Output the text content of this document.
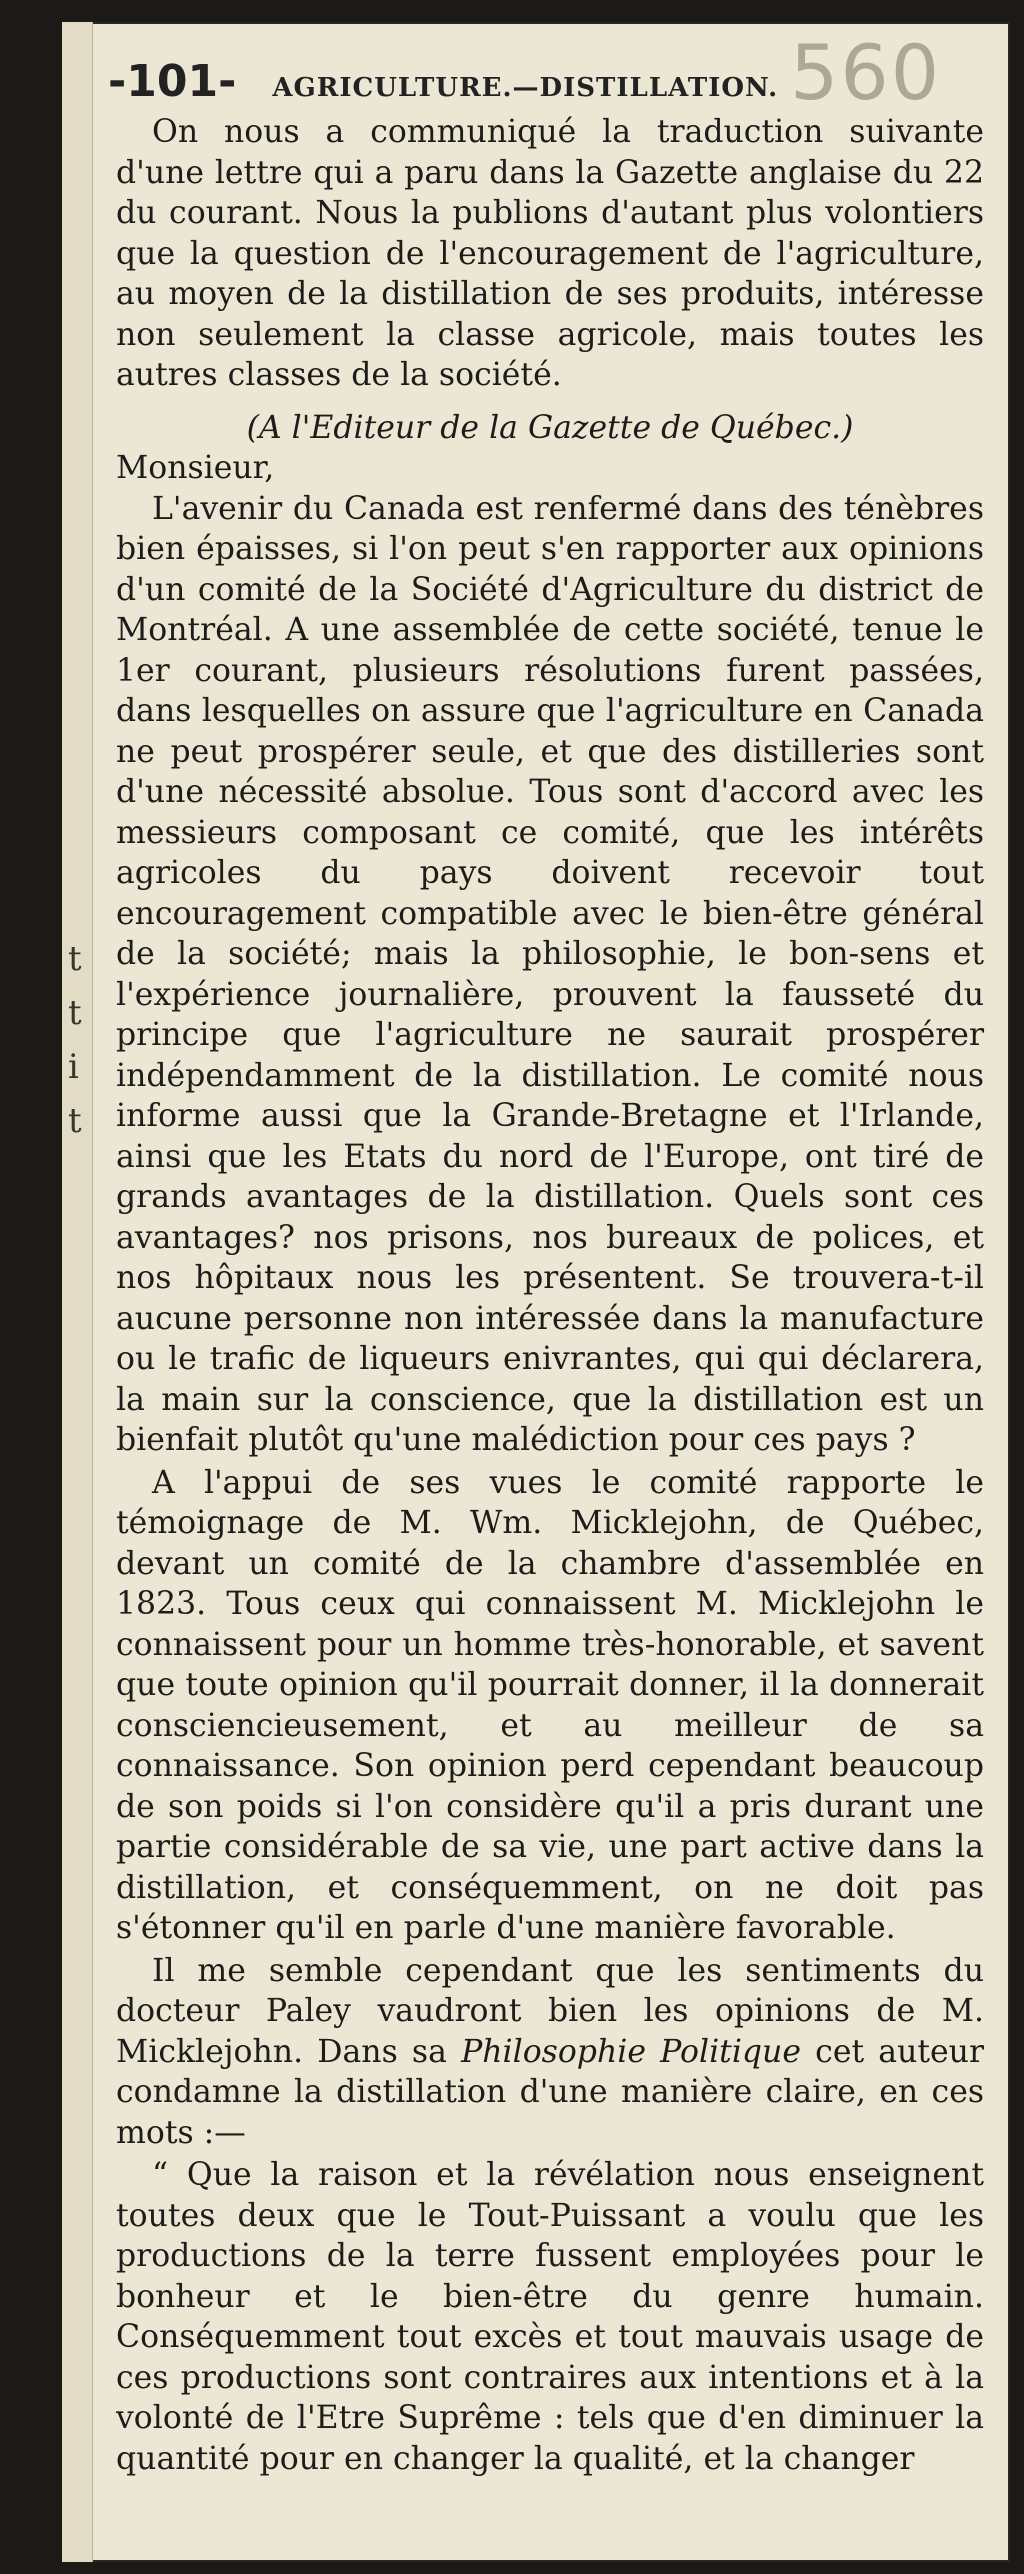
t
t
i
t
560
-101- AGRICULTURE.—DISTILLATION.

On nous a communiqué la traduction suivante d'une lettre qui a paru dans la Gazette anglaise du 22 du courant. Nous la publions d'autant plus volontiers que la question de l'encouragement de l'agriculture, au moyen de la distillation de ses produits, intéresse non seulement la classe agricole, mais toutes les autres classes de la société.

(A l'Editeur de la Gazette de Québec.)

Monsieur,

L'avenir du Canada est renfermé dans des ténèbres bien épaisses, si l'on peut s'en rapporter aux opinions d'un comité de la Société d'Agriculture du district de Montréal. A une assemblée de cette société, tenue le 1er courant, plusieurs résolutions furent passées, dans lesquelles on assure que l'agriculture en Canada ne peut prospérer seule, et que des distilleries sont d'une nécessité absolue. Tous sont d'accord avec les messieurs composant ce comité, que les intérêts agricoles du pays doivent recevoir tout encouragement compatible avec le bien-être général de la société; mais la philosophie, le bon-sens et l'expérience journalière, prouvent la fausseté du principe que l'agriculture ne saurait prospérer indépendamment de la distillation. Le comité nous informe aussi que la Grande-Bretagne et l'Irlande, ainsi que les Etats du nord de l'Europe, ont tiré de grands avantages de la distillation. Quels sont ces avantages? nos prisons, nos bureaux de polices, et nos hôpitaux nous les présentent. Se trouvera-t-il aucune personne non intéressée dans la manufacture ou le trafic de liqueurs enivrantes, qui qui déclarera, la main sur la conscience, que la distillation est un bienfait plutôt qu'une malédiction pour ces pays ?

A l'appui de ses vues le comité rapporte le témoignage de M. Wm. Micklejohn, de Québec, devant un comité de la chambre d'assemblée en 1823. Tous ceux qui connaissent M. Micklejohn le connaissent pour un homme très-honorable, et savent que toute opinion qu'il pourrait donner, il la donnerait consciencieusement, et au meilleur de sa connaissance. Son opinion perd cependant beaucoup de son poids si l'on considère qu'il a pris durant une partie considérable de sa vie, une part active dans la distillation, et conséquemment, on ne doit pas s'étonner qu'il en parle d'une manière favorable.

Il me semble cependant que les sentiments du docteur Paley vaudront bien les opinions de M. Micklejohn. Dans sa Philosophie Politique cet auteur condamne la distillation d'une manière claire, en ces mots :—

“ Que la raison et la révélation nous enseignent toutes deux que le Tout-Puissant a voulu que les productions de la terre fussent employées pour le bonheur et le bien-être du genre humain. Conséquemment tout excès et tout mauvais usage de ces productions sont contraires aux intentions et à la volonté de l'Etre Suprême : tels que d'en diminuer la quantité pour en changer la qualité, et la changer
